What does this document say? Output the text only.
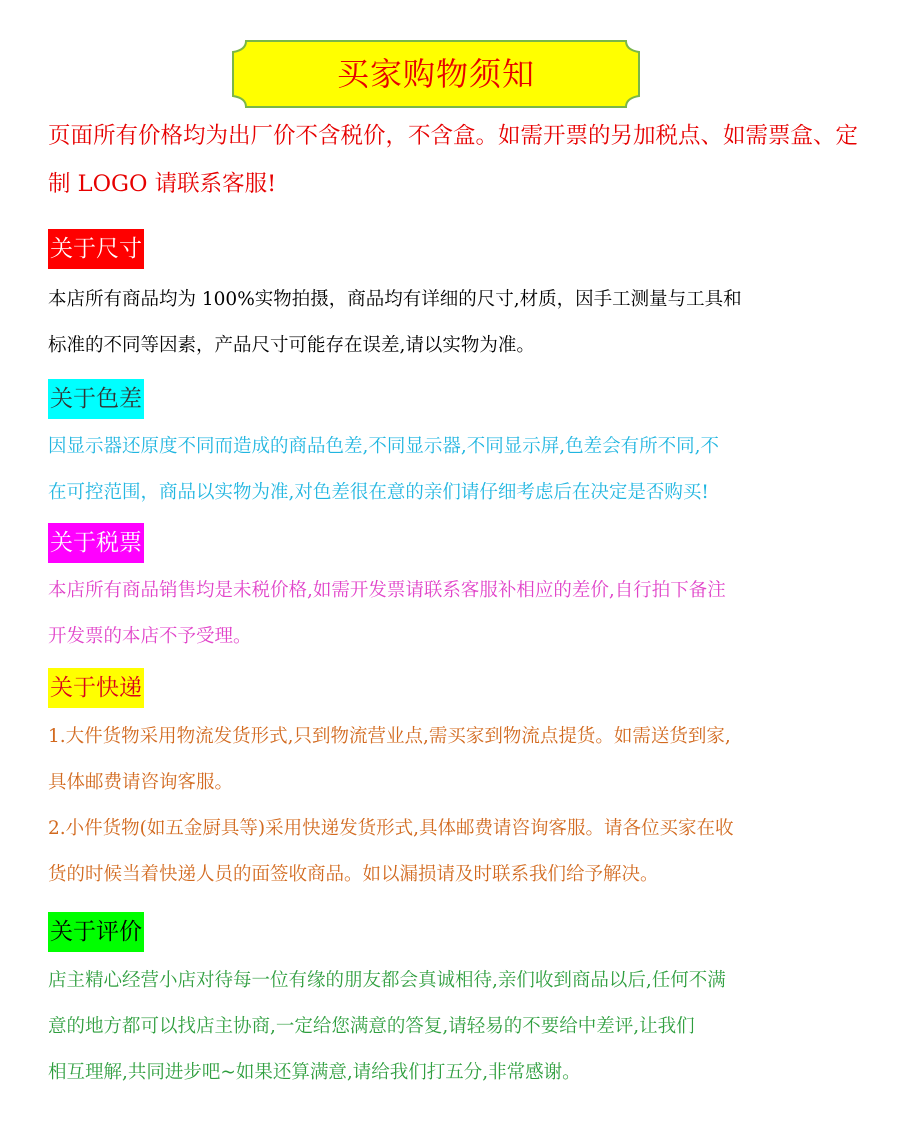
买家购物须知

页面所有价格均为出厂价不含税价，不含盒。如需开票的另加税点、如需票盒、定制 LOGO 请联系客服!

关于尺寸
本店所有商品均为 100%实物拍摄，商品均有详细的尺寸,材质，因手工测量与工具和
标准的不同等因素，产品尺寸可能存在误差,请以实物为准。
关于色差
因显示器还原度不同而造成的商品色差,不同显示器,不同显示屏,色差会有所不同,不
在可控范围，商品以实物为准,对色差很在意的亲们请仔细考虑后在决定是否购买!
关于税票
本店所有商品销售均是未税价格,如需开发票请联系客服补相应的差价,自行拍下备注
开发票的本店不予受理。
关于快递
1.大件货物采用物流发货形式,只到物流营业点,需买家到物流点提货。如需送货到家,
具体邮费请咨询客服。
2.小件货物(如五金厨具等)采用快递发货形式,具体邮费请咨询客服。请各位买家在收
货的时候当着快递人员的面签收商品。如以漏损请及时联系我们给予解决。
关于评价
店主精心经营小店对待每一位有缘的朋友都会真诚相待,亲们收到商品以后,任何不满
意的地方都可以找店主协商,一定给您满意的答复,请轻易的不要给中差评,让我们
相互理解,共同进步吧~如果还算满意,请给我们打五分,非常感谢。
